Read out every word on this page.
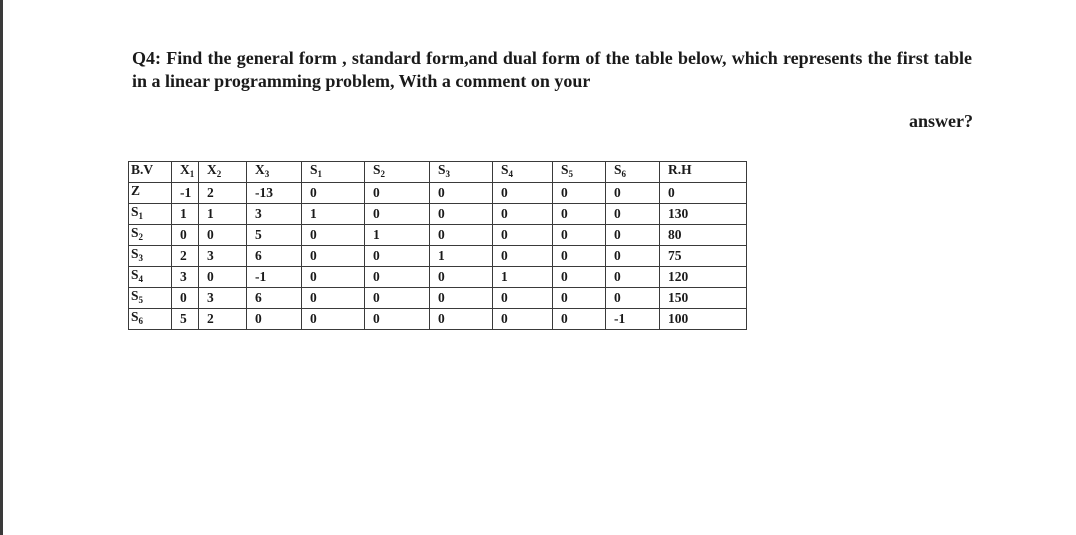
Q4: Find the general form , standard form,and dual form of the table below, which represents the first table in a linear programming problem, With a comment on your
answer?
B.V	$X_1$	$X_2$	$X_3$	$S_1$	$S_2$	$S_3$	$S_4$	$S_5$	$S_6$	R.H
Z	-1	2	-13	0	0	0	0	0	0	0
$S_1$	1	1	3	1	0	0	0	0	0	130
$S_2$	0	0	5	0	1	0	0	0	0	80
$S_3$	2	3	6	0	0	1	0	0	0	75
$S_4$	3	0	-1	0	0	0	1	0	0	120
$S_5$	0	3	6	0	0	0	0	0	0	150
$S_6$	5	2	0	0	0	0	0	0	-1	100
